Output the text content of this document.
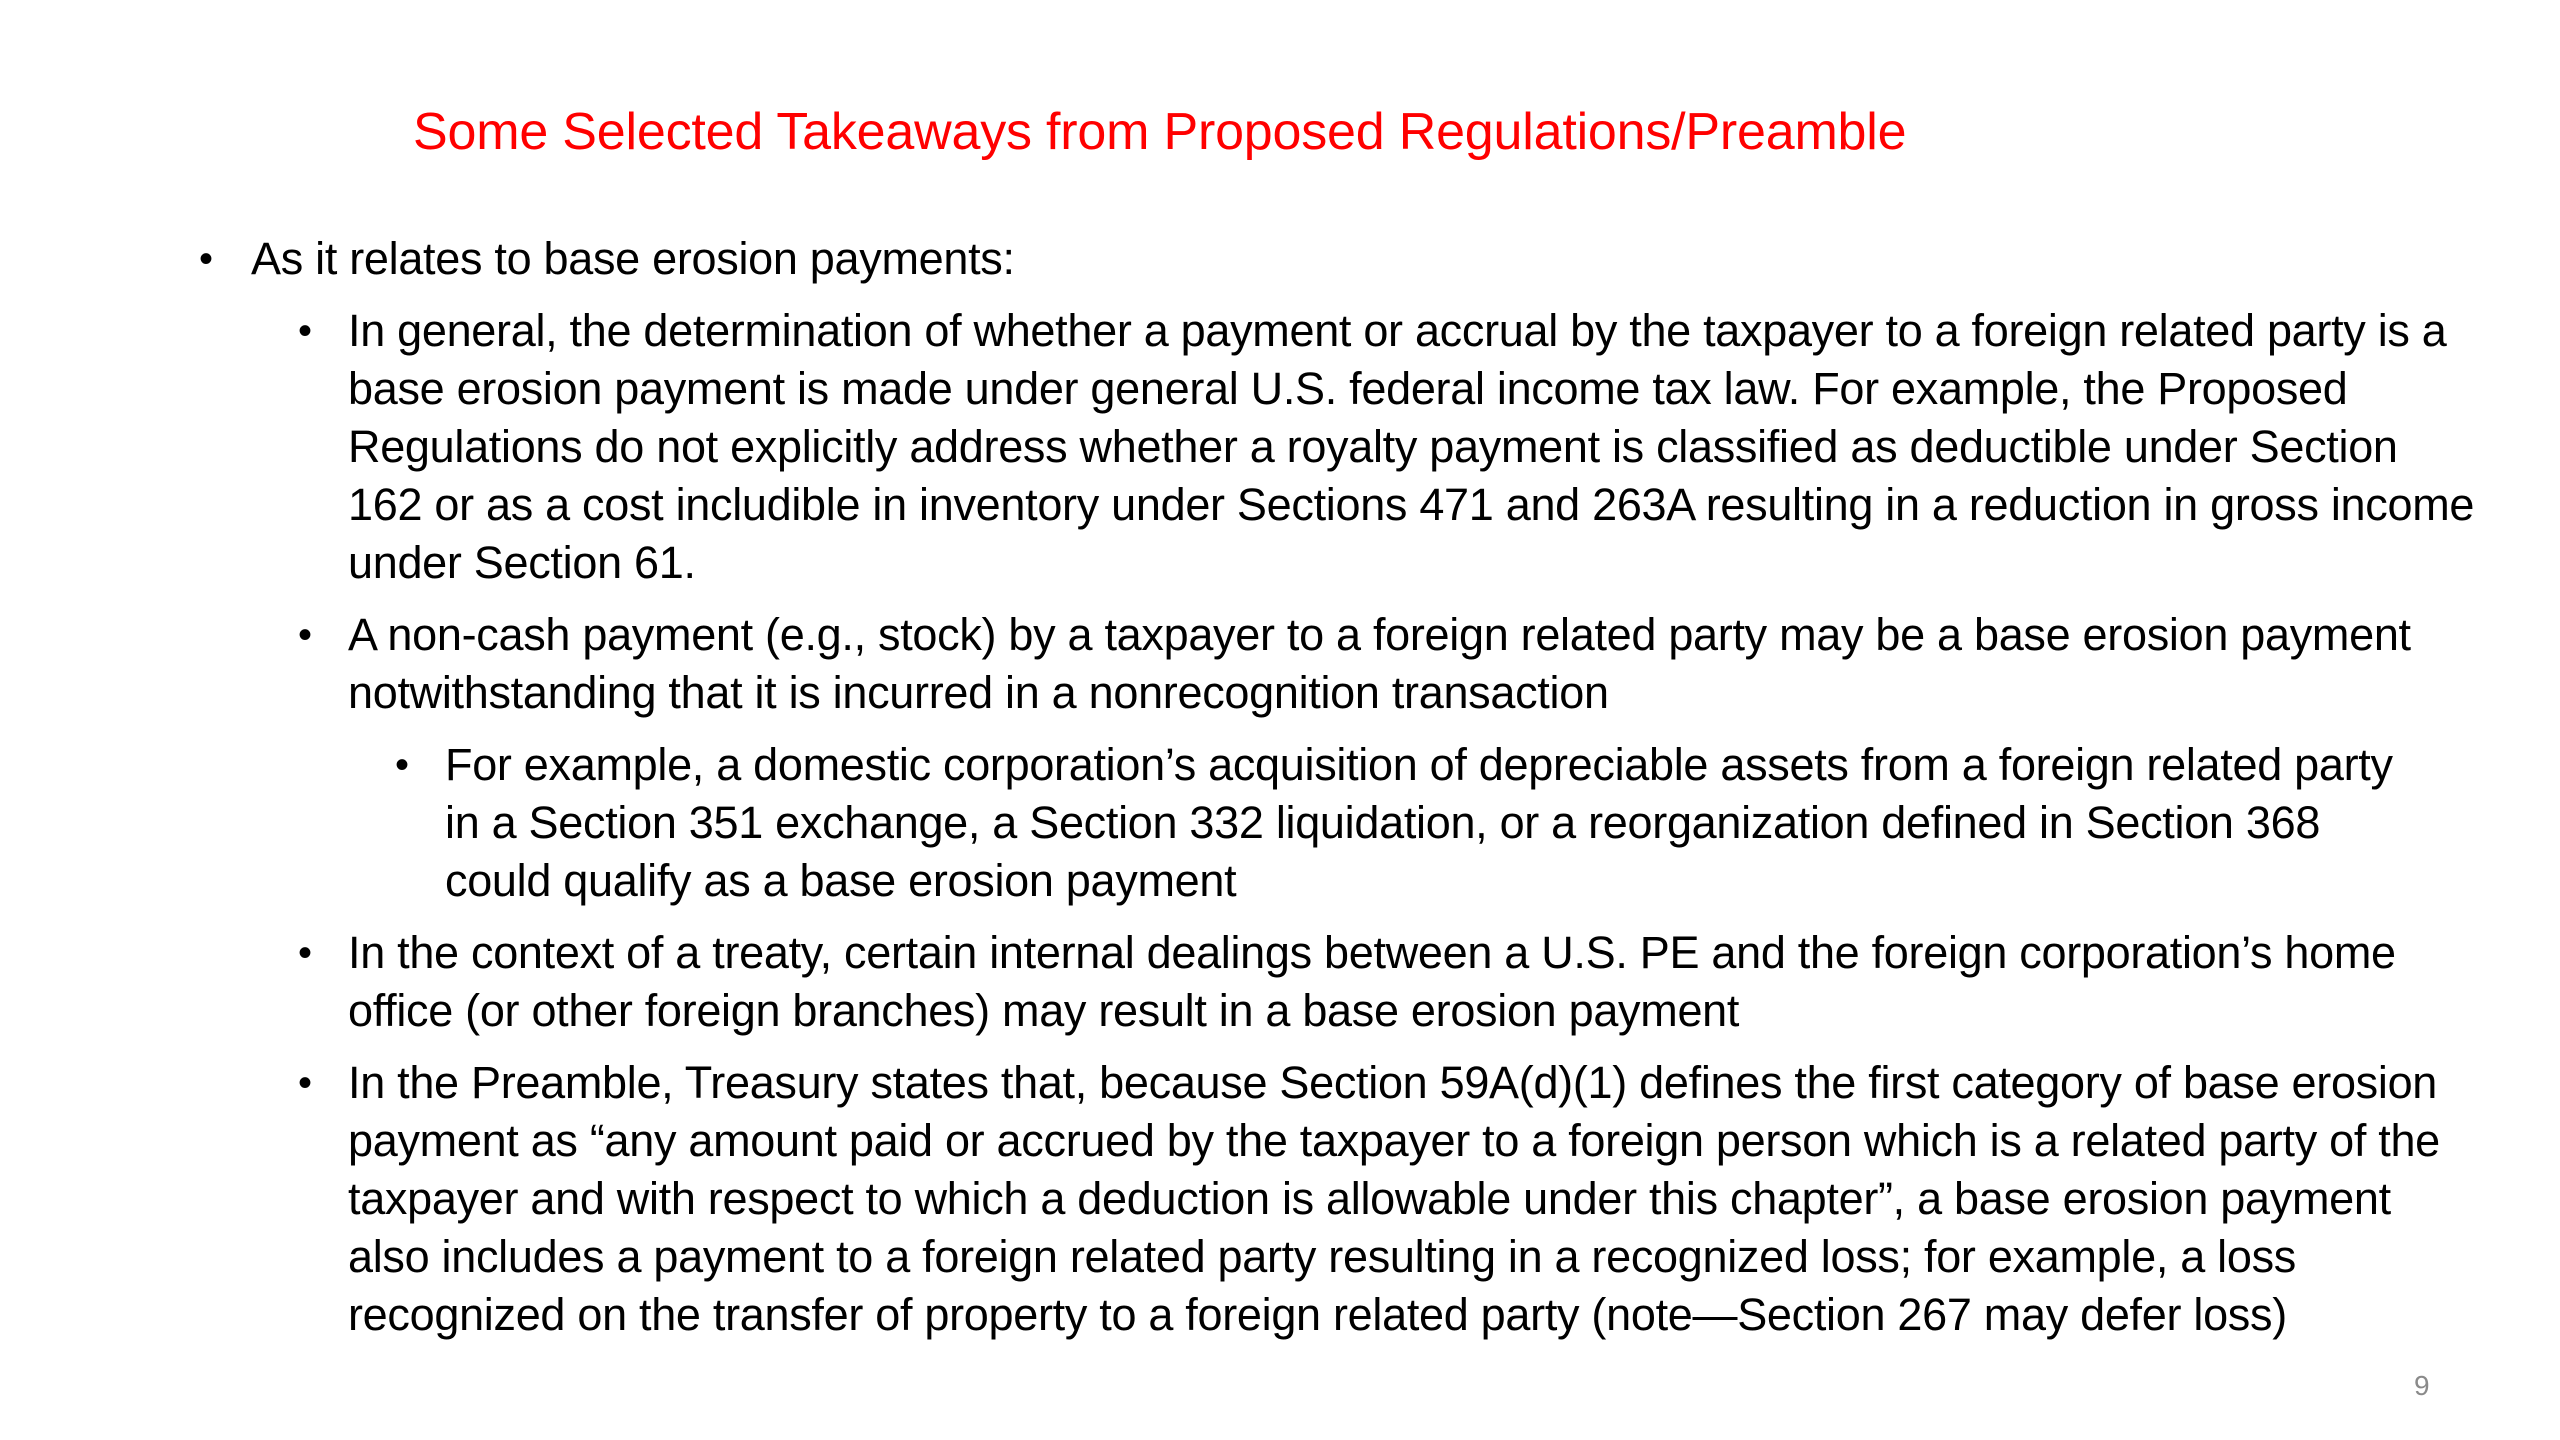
Some Selected Takeaways from Proposed Regulations/Preamble
• As it relates to base erosion payments:
• In general, the determination of whether a payment or accrual by the taxpayer to a foreign related party is a base erosion payment is made under general U.S. federal income tax law. For example, the Proposed Regulations do not explicitly address whether a royalty payment is classified as deductible under Section 162 or as a cost includible in inventory under Sections 471 and 263A resulting in a reduction in gross income under Section 61.
• A non-cash payment (e.g., stock) by a taxpayer to a foreign related party may be a base erosion payment notwithstanding that it is incurred in a nonrecognition transaction
• For example, a domestic corporation’s acquisition of depreciable assets from a foreign related party in a Section 351 exchange, a Section 332 liquidation, or a reorganization defined in Section 368 could qualify as a base erosion payment
• In the context of a treaty, certain internal dealings between a U.S. PE and the foreign corporation’s home office (or other foreign branches) may result in a base erosion payment
• In the Preamble, Treasury states that, because Section 59A(d)(1) defines the first category of base erosion payment as “any amount paid or accrued by the taxpayer to a foreign person which is a related party of the taxpayer and with respect to which a deduction is allowable under this chapter”, a base erosion payment also includes a payment to a foreign related party resulting in a recognized loss; for example, a loss recognized on the transfer of property to a foreign related party (note—Section 267 may defer loss)
9
